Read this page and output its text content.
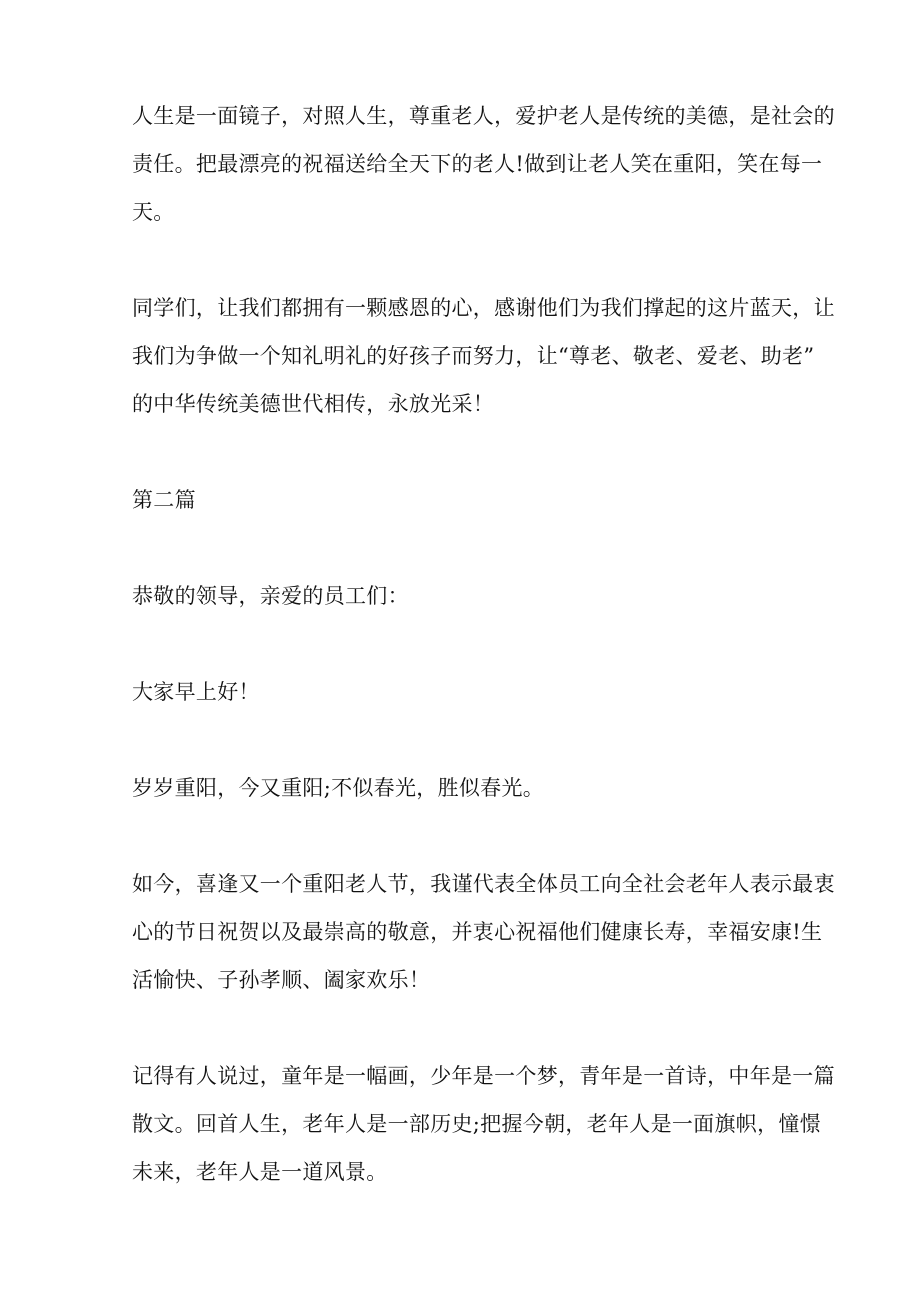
人生是一面镜子，对照人生，尊重老人，爱护老人是传统的美德，是社会的
责任。把最漂亮的祝福送给全天下的老人!做到让老人笑在重阳，笑在每一
天。

同学们，让我们都拥有一颗感恩的心，感谢他们为我们撑起的这片蓝天，让
我们为争做一个知礼明礼的好孩子而努力，让“尊老、敬老、爱老、助老”
的中华传统美德世代相传，永放光采！

第二篇

恭敬的领导，亲爱的员工们：

大家早上好！

岁岁重阳，今又重阳;不似春光，胜似春光。

如今，喜逢又一个重阳老人节，我谨代表全体员工向全社会老年人表示最衷
心的节日祝贺以及最崇高的敬意，并衷心祝福他们健康长寿，幸福安康!生
活愉快、子孙孝顺、阖家欢乐！

记得有人说过，童年是一幅画，少年是一个梦，青年是一首诗，中年是一篇
散文。回首人生，老年人是一部历史;把握今朝，老年人是一面旗帜，憧憬
未来，老年人是一道风景。
